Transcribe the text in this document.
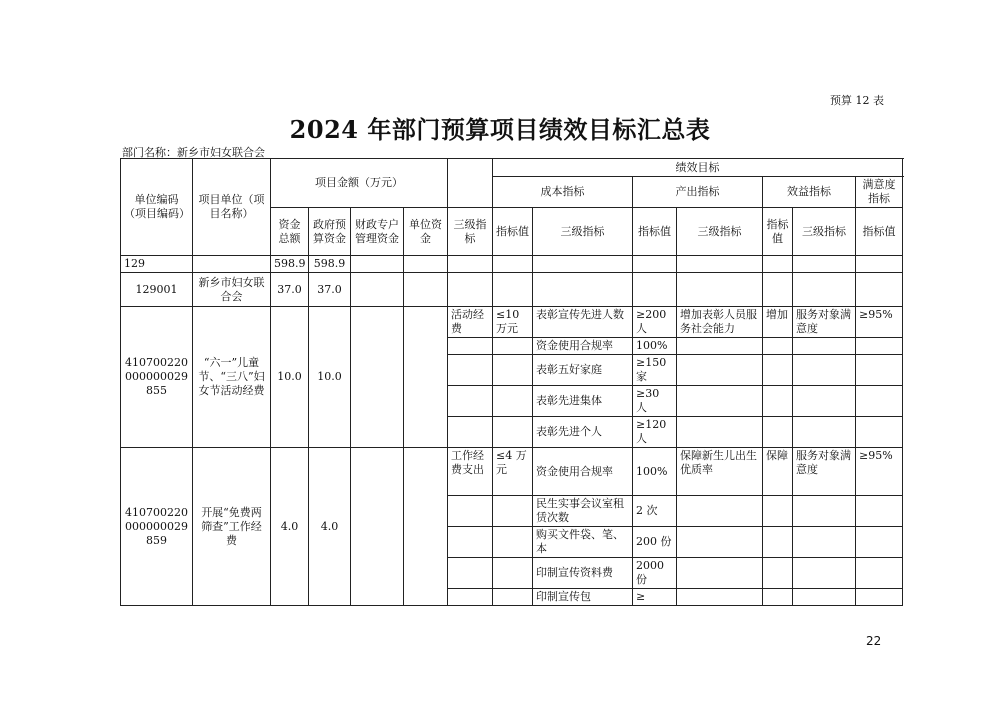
预算 12 表
2024 年部门预算项目绩效目标汇总表
部门名称：新乡市妇女联合会
单位编码（项目编码）	项目单位（项目名称）	项目金额（万元）					绩效目标							
							成本指标		产出指标		效益指标		满意度指标	
		资金总额	政府预算资金	财政专户管理资金	单位资金	三级指标	指标值	三级指标	指标值	三级指标	指标值	三级指标	指标值	
129		598.9	598.9											
129001	新乡市妇女联合会	37.0	37.0											
410700220000000029855	“六一”儿童节、“三八”妇女节活动经费	10.0	10.0			活动经费	≤10 万元	表彰宣传先进人数	≥200 人	增加表彰人员服务社会能力	增加	服务对象满意度	≥95%	
								资金使用合规率	100%					
								表彰五好家庭	≥150 家					
								表彰先进集体	≥30 人					
								表彰先进个人	≥120 人					
410700220000000029859	开展“免费两筛查”工作经费	4.0	4.0			工作经费支出	≤4 万元	资金使用合规率	100%	保障新生儿出生优质率	保障	服务对象满意度	≥95%	
								民生实事会议室租赁次数	2 次					
								购买文件袋、笔、本	200 份					
								印制宣传资料费	2000 份					
								印制宣传包	≥					
22
